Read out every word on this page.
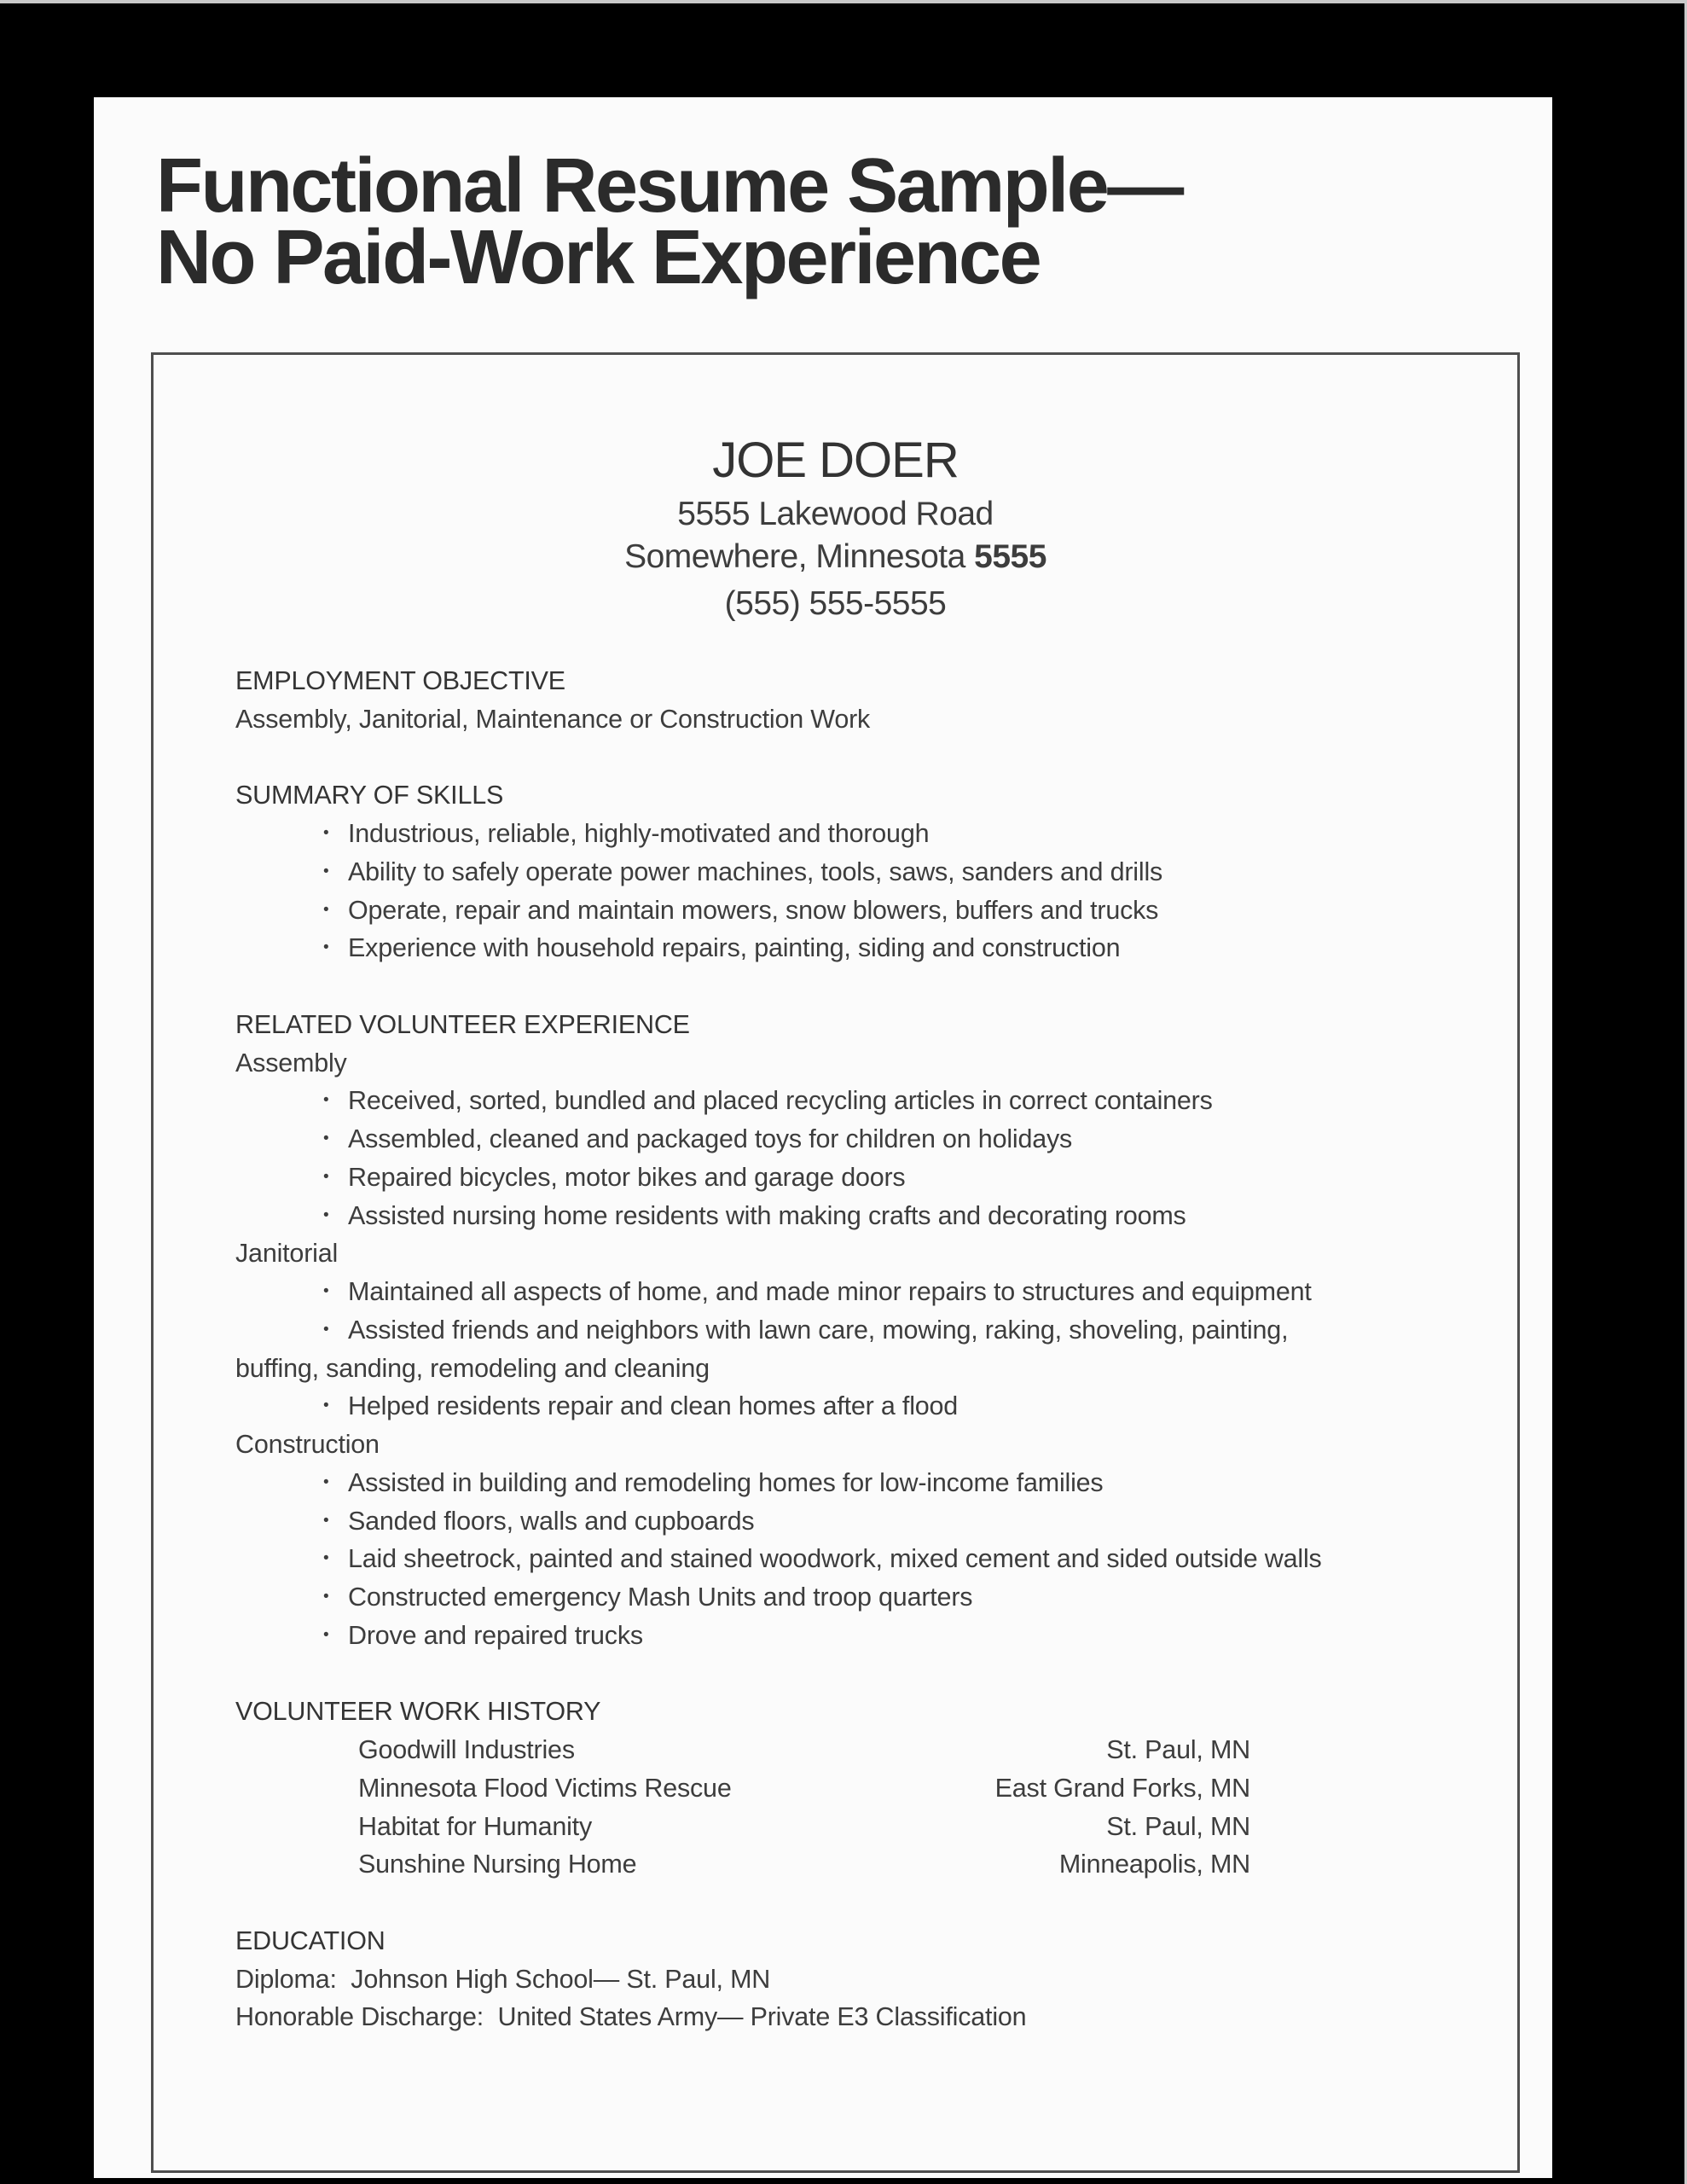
Functional Resume Sample—
No Paid-Work Experience
JOE DOER
5555 Lakewood Road
Somewhere, Minnesota 5555
(555) 555-5555

EMPLOYMENT OBJECTIVE

Assembly, Janitorial, Maintenance or Construction Work

SUMMARY OF SKILLS

• Industrious, reliable, highly-motivated and thorough
• Ability to safely operate power machines, tools, saws, sanders and drills
• Operate, repair and maintain mowers, snow blowers, buffers and trucks
• Experience with household repairs, painting, siding and construction

RELATED VOLUNTEER EXPERIENCE

Assembly

• Received, sorted, bundled and placed recycling articles in correct containers
• Assembled, cleaned and packaged toys for children on holidays
• Repaired bicycles, motor bikes and garage doors
• Assisted nursing home residents with making crafts and decorating rooms

Janitorial

• Maintained all aspects of home, and made minor repairs to structures and equipment
• Assisted friends and neighbors with lawn care, mowing, raking, shoveling, painting,

buffing, sanding, remodeling and cleaning

• Helped residents repair and clean homes after a flood

Construction

• Assisted in building and remodeling homes for low-income families
• Sanded floors, walls and cupboards
• Laid sheetrock, painted and stained woodwork, mixed cement and sided outside walls
• Constructed emergency Mash Units and troop quarters
• Drove and repaired trucks

VOLUNTEER WORK HISTORY

Goodwill Industries	St. Paul, MN

Minnesota Flood Victims Rescue	East Grand Forks, MN

Habitat for Humanity	St. Paul, MN

Sunshine Nursing Home	Minneapolis, MN

EDUCATION

Diploma:  Johnson High School— St. Paul, MN

Honorable Discharge:  United States Army— Private E3 Classification
